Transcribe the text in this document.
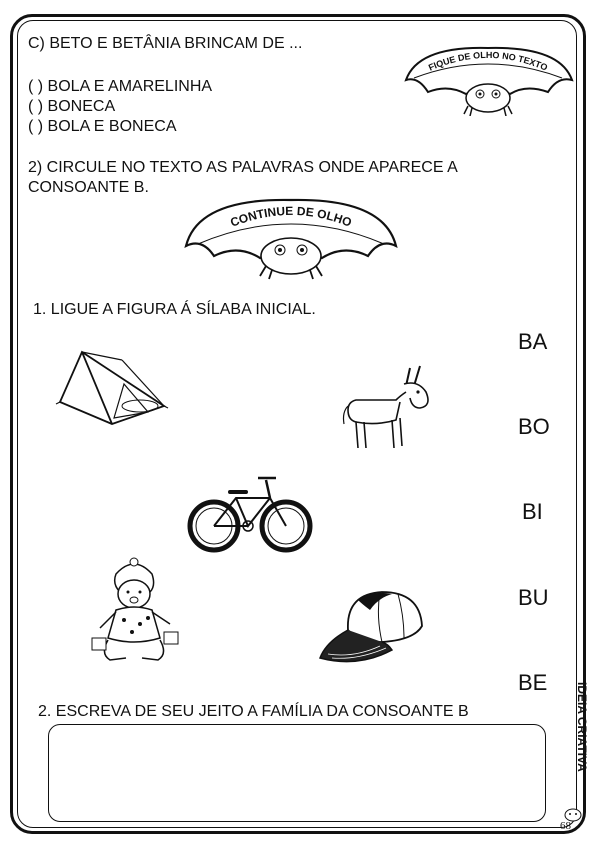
C) BETO E BETÂNIA BRINCAM DE ...
( ) BOLA E AMARELINHA
( ) BONECA
( ) BOLA E BONECA
FIQUE DE OLHO NO TEXTO
2) CIRCULE NO TEXTO AS PALAVRAS ONDE APARECE A
CONSOANTE B.
CONTINUE DE OLHO
1. LIGUE A FIGURA Á SÍLABA INICIAL.
BA
BO
BI
BU
BE
2. ESCREVA DE SEU JEITO A FAMÍLIA DA CONSOANTE B	IDEIA CRIATIVA
68
